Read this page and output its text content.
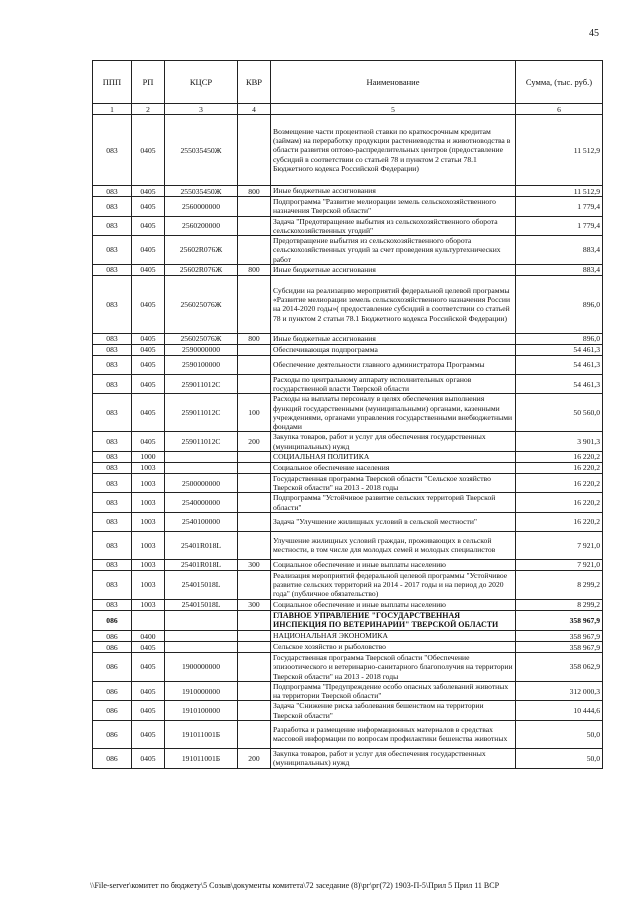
45
ППП	РП	КЦСР	КВР	Наименование	Сумма, (тыс. руб.)
1	2	3	4	5	6
083	0405	255035450Ж		Возмещение части процентной ставки по краткосрочным кредитам (займам) на переработку продукции растениеводства и животноводства в области развития оптово-распределительных центров (предоставление субсидий в соответствии со статьей 78 и пунктом 2 статьи 78.1 Бюджетного кодекса Российской Федерации)	11 512,9
083	0405	255035450Ж	800	Иные бюджетные ассигнования	11 512,9
083	0405	2560000000		Подпрограмма "Развитие мелиорации земель сельскохозяйственного назначения Тверской области"	1 779,4
083	0405	2560200000		Задача "Предотвращение выбытия из сельскохозяйственного оборота сельскохозяйственных угодий"	1 779,4
083	0405	25602R076Ж		Предотвращение выбытия из сельскохозяйственного оборота сельскохозяйственных угодий за счет проведения культуртехнических работ	883,4
083	0405	25602R076Ж	800	Иные бюджетные ассигнования	883,4
083	0405	256025076Ж		Субсидии на реализацию мероприятий федеральной целевой программы «Развитие мелиорации земель сельскохозяйственного назначения России на 2014-2020 годы»( предоставление субсидий в соответствии со статьей 78 и пунктом 2 статьи 78.1 Бюджетного кодекса Российской Федерации)	896,0
083	0405	256025076Ж	800	Иные бюджетные ассигнования	896,0
083	0405	2590000000		Обеспечивающая подпрограмма	54 461,3
083	0405	2590100000		Обеспечение деятельности главного администратора Программы	54 461,3
083	0405	259011012С		Расходы по центральному аппарату исполнительных органов государственной власти Тверской области	54 461,3
083	0405	259011012С	100	Расходы на выплаты персоналу в целях обеспечения выполнения функций государственными (муниципальными) органами, казенными учреждениями, органами управления государственными внебюджетными фондами	50 560,0
083	0405	259011012С	200	Закупка товаров, работ и услуг для обеспечения государственных (муниципальных) нужд	3 901,3
083	1000			СОЦИАЛЬНАЯ ПОЛИТИКА	16 220,2
083	1003			Социальное обеспечение населения	16 220,2
083	1003	2500000000		Государственная программа Тверской области "Сельское хозяйство Тверской области" на 2013 - 2018 годы	16 220,2
083	1003	2540000000		Подпрограмма "Устойчивое развитие сельских территорий Тверской области"	16 220,2
083	1003	2540100000		Задача "Улучшение жилищных условий в сельской местности"	16 220,2
083	1003	25401R018L		Улучшение жилищных условий граждан, проживающих в сельской местности, в том числе для молодых семей и молодых специалистов	7 921,0
083	1003	25401R018L	300	Социальное обеспечение и иные выплаты населению	7 921,0
083	1003	254015018L		Реализация мероприятий федеральной целевой программы "Устойчивое развитие сельских территорий на 2014 - 2017 годы и на период до 2020 года" (публичное обязательство)	8 299,2
083	1003	254015018L	300	Социальное обеспечение и иные выплаты населению	8 299,2
086				ГЛАВНОЕ УПРАВЛЕНИЕ "ГОСУДАРСТВЕННАЯ ИНСПЕКЦИЯ ПО ВЕТЕРИНАРИИ" ТВЕРСКОЙ ОБЛАСТИ	358 967,9
086	0400			НАЦИОНАЛЬНАЯ ЭКОНОМИКА	358 967,9
086	0405			Сельское хозяйство и рыболовство	358 967,9
086	0405	1900000000		Государственная программа Тверской области "Обеспечение эпизоотического и ветеринарно-санитарного благополучия на территории Тверской области" на 2013 - 2018 годы	358 062,9
086	0405	1910000000		Подпрограмма "Предупреждение особо опасных заболеваний животных на территории Тверской области"	312 000,3
086	0405	1910100000		Задача "Снижение риска заболевания бешенством на территории Тверской области"	10 444,6
086	0405	191011001Б		Разработка и размещение информационных материалов в средствах массовой информации по вопросам профилактики бешенства животных	50,0
086	0405	191011001Б	200	Закупка товаров, работ и услуг для обеспечения государственных (муниципальных) нужд	50,0
\\File-server\комитет по бюджету\5 Созыв\документы комитета\72 заседание (8)\рг\рг(72) 1903-П-5\Прил 5 Прил 11 ВСР
